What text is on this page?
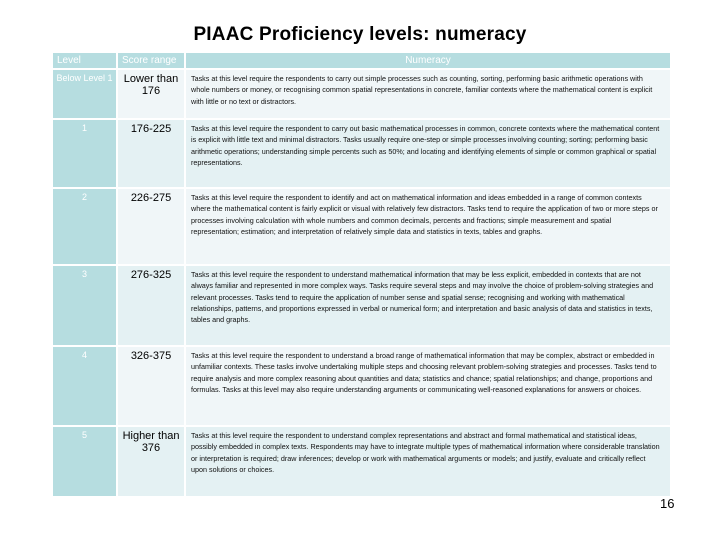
PIAAC Proficiency levels: numeracy
Level	Score range	Numeracy
Below Level 1	Lower than 176	Tasks at this level require the respondents to carry out simple processes such as counting, sorting, performing basic arithmetic operations with whole numbers or money, or recognising common spatial representations in concrete, familiar contexts where the mathematical content is explicit with little or no text or distractors.
1	176-225	Tasks at this level require the respondent to carry out basic mathematical processes in common, concrete contexts where the mathematical content is explicit with little text and minimal distractors. Tasks usually require one-step or simple processes involving counting; sorting; performing basic arithmetic operations; understanding simple percents such as 50%; and locating and identifying elements of simple or common graphical or spatial representations.
2	226-275	Tasks at this level require the respondent to identify and act on mathematical information and ideas embedded in a range of common contexts where the mathematical content is fairly explicit or visual with relatively few distractors. Tasks tend to require the application of two or more steps or processes involving calculation with whole numbers and common decimals, percents and fractions; simple measurement and spatial representation; estimation; and interpretation of relatively simple data and statistics in texts, tables and graphs.
3	276-325	Tasks at this level require the respondent to understand mathematical information that may be less explicit, embedded in contexts that are not always familiar and represented in more complex ways. Tasks require several steps and may involve the choice of problem-solving strategies and relevant processes. Tasks tend to require the application of number sense and spatial sense; recognising and working with mathematical relationships, patterns, and proportions expressed in verbal or numerical form; and interpretation and basic analysis of data and statistics in texts, tables and graphs.
4	326-375	Tasks at this level require the respondent to understand a broad range of mathematical information that may be complex, abstract or embedded in unfamiliar contexts. These tasks involve undertaking multiple steps and choosing relevant problem-solving strategies and processes. Tasks tend to require analysis and more complex reasoning about quantities and data; statistics and chance; spatial relationships; and change, proportions and formulas. Tasks at this level may also require understanding arguments or communicating well-reasoned explanations for answers or choices.
5	Higher than 376	Tasks at this level require the respondent to understand complex representations and abstract and formal mathematical and statistical ideas, possibly embedded in complex texts. Respondents may have to integrate multiple types of mathematical information where considerable translation or interpretation is required; draw inferences; develop or work with mathematical arguments or models; and justify, evaluate and critically reflect upon solutions or choices.
16
